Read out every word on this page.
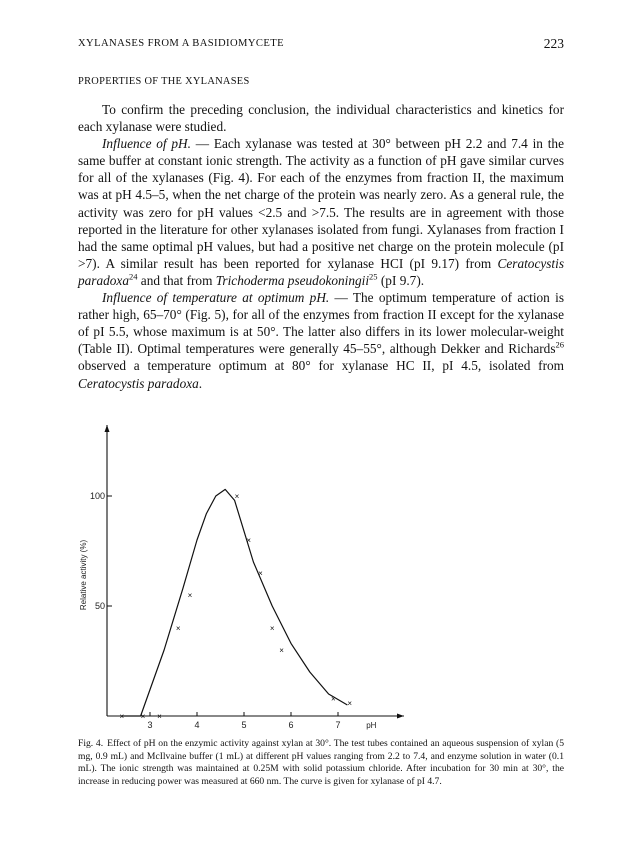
XYLANASES FROM A BASIDIOMYCETE	223
PROPERTIES OF THE XYLANASES

To confirm the preceding conclusion, the individual characteristics and kinetics for each xylanase were studied.

Influence of pH. — Each xylanase was tested at 30° between pH 2.2 and 7.4 in the same buffer at constant ionic strength. The activity as a function of pH gave similar curves for all of the xylanases (Fig. 4). For each of the enzymes from fraction II, the maximum was at pH 4.5–5, when the net charge of the protein was nearly zero. As a general rule, the activity was zero for pH values <2.5 and >7.5. The results are in agreement with those reported in the literature for other xylanases isolated from fungi. Xylanases from fraction I had the same optimal pH values, but had a positive net charge on the protein molecule (pI >7). A similar result has been reported for xylanase HCI (pI 9.17) from Ceratocystis paradoxa$^{24}$ and that from Trichoderma pseudokoningii$^{25}$ (pI 9.7).

Influence of temperature at optimum pH. — The optimum temperature of action is rather high, 65–70° (Fig. 5), for all of the enzymes from fraction II except for the xylanase of pI 5.5, whose maximum is at 50°. The latter also differs in its lower molecular-weight (Table II). Optimal temperatures were generally 45–55°, although Dekker and Richards$^{26}$ observed a temperature optimum at 80° for xylanase HC II, pI 4.5, isolated from Ceratocystis paradoxa.

3	4	5	6	7
50
100
pH
Relative activity (%)
× × ×
×
×
×
×
×
×
×
× ×
Fig. 4. Effect of pH on the enzymic activity against xylan at 30°. The test tubes contained an aqueous suspension of xylan (5 mg, 0.9 mL) and McIlvaine buffer (1 mL) at different pH values ranging from 2.2 to 7.4, and enzyme solution in water (0.1 mL). The ionic strength was maintained at 0.25M with solid potassium chloride. After incubation for 30 min at 30°, the increase in reducing power was measured at 660 nm. The curve is given for xylanase of pI 4.7.
